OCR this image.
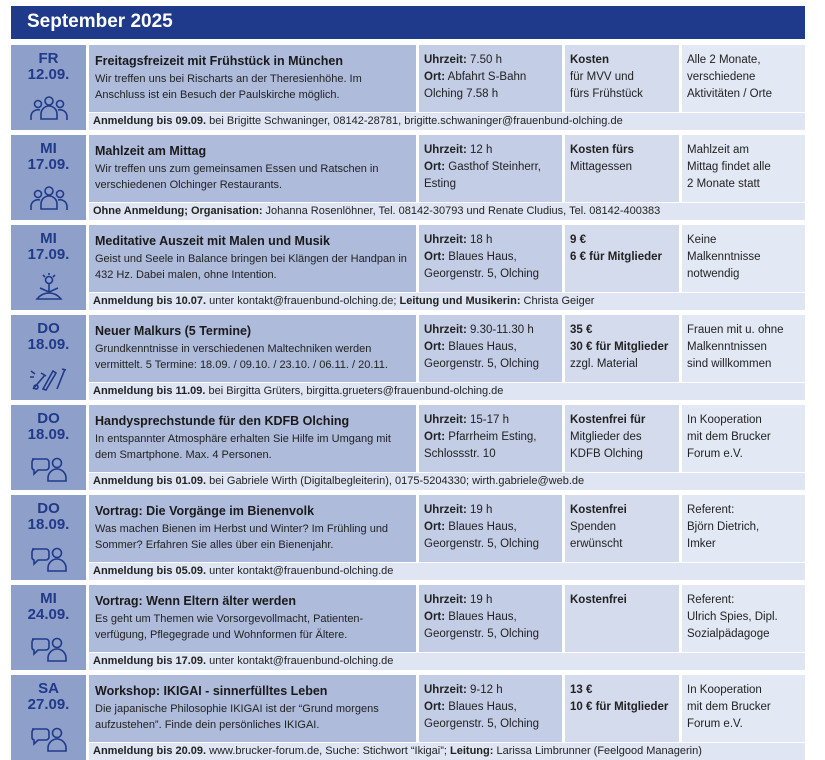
September 2025
FR
12.09.
Freitagsfreizeit mit Frühstück in München
Wir treffen uns bei Rischarts an der Theresienhöhe. Im Anschluss ist ein Besuch der Paulskirche möglich.
Uhrzeit: 7.50 h
Ort: Abfahrt S-Bahn Olching 7.58 h
Kosten
für MVV und
fürs Frühstück
Alle 2 Monate,
verschiedene
Aktivitäten / Orte
Anmeldung bis 09.09. bei Brigitte Schwaninger, 08142-28781, brigitte.schwaninger@frauenbund-olching.de
MI
17.09.
Mahlzeit am Mittag
Wir treffen uns zum gemeinsamen Essen und Ratschen in verschiedenen Olchinger Restaurants.
Uhrzeit: 12 h
Ort: Gasthof Steinherr, Esting
Kosten fürs
Mittagessen
Mahlzeit am
Mittag findet alle
2 Monate statt
Ohne Anmeldung; Organisation: Johanna Rosenlöhner, Tel. 08142-30793 und Renate Cludius, Tel. 08142-400383
MI
17.09.
Meditative Auszeit mit Malen und Musik
Geist und Seele in Balance bringen bei Klängen der Handpan in 432 Hz. Dabei malen, ohne Intention.
Uhrzeit: 18 h
Ort: Blaues Haus, Georgenstr. 5, Olching
9 €
6 € für Mitglieder
Keine
Malkenntnisse
notwendig
Anmeldung bis 10.07. unter kontakt@frauenbund-olching.de; Leitung und Musikerin: Christa Geiger
DO
18.09.
Neuer Malkurs (5 Termine)
Grundkenntnisse in verschiedenen Maltechniken werden vermittelt. 5 Termine: 18.09. / 09.10. / 23.10. / 06.11. / 20.11.
Uhrzeit: 9.30-11.30 h
Ort: Blaues Haus, Georgenstr. 5, Olching
35 €
30 € für Mitglieder
zzgl. Material
Frauen mit u. ohne
Malkenntnissen
sind willkommen
Anmeldung bis 11.09. bei Birgitta Grüters, birgitta.grueters@frauenbund-olching.de
DO
18.09.
Handysprechstunde für den KDFB Olching
In entspannter Atmosphäre erhalten Sie Hilfe im Umgang mit dem Smartphone. Max. 4 Personen.
Uhrzeit: 15-17 h
Ort: Pfarrheim Esting, Schlossstr. 10
Kostenfrei für
Mitglieder des
KDFB Olching
In Kooperation
mit dem Brucker
Forum e.V.
Anmeldung bis 01.09. bei Gabriele Wirth (Digitalbegleiterin), 0175-5204330; wirth.gabriele@web.de
DO
18.09.
Vortrag: Die Vorgänge im Bienenvolk
Was machen Bienen im Herbst und Winter? Im Frühling und Sommer? Erfahren Sie alles über ein Bienenjahr.
Uhrzeit: 19 h
Ort: Blaues Haus, Georgenstr. 5, Olching
Kostenfrei
Spenden
erwünscht
Referent:
Björn Dietrich,
Imker
Anmeldung bis 05.09. unter kontakt@frauenbund-olching.de
MI
24.09.
Vortrag: Wenn Eltern älter werden
Es geht um Themen wie Vorsorgevollmacht, Patienten-verfügung, Pflegegrade und Wohnformen für Ältere.
Uhrzeit: 19 h
Ort: Blaues Haus, Georgenstr. 5, Olching
Kostenfrei	Referent:
Ulrich Spies, Dipl.
Sozialpädagoge
Anmeldung bis 17.09. unter kontakt@frauenbund-olching.de
SA
27.09.
Workshop: IKIGAI - sinnerfülltes Leben
Die japanische Philosophie IKIGAI ist der “Grund morgens aufzustehen”. Finde dein persönliches IKIGAI.
Uhrzeit: 9-12 h
Ort: Blaues Haus, Georgenstr. 5, Olching
13 €
10 € für Mitglieder
In Kooperation
mit dem Brucker
Forum e.V.
Anmeldung bis 20.09. www.brucker-forum.de, Suche: Stichwort “Ikigai”; Leitung: Larissa Limbrunner (Feelgood Managerin)
